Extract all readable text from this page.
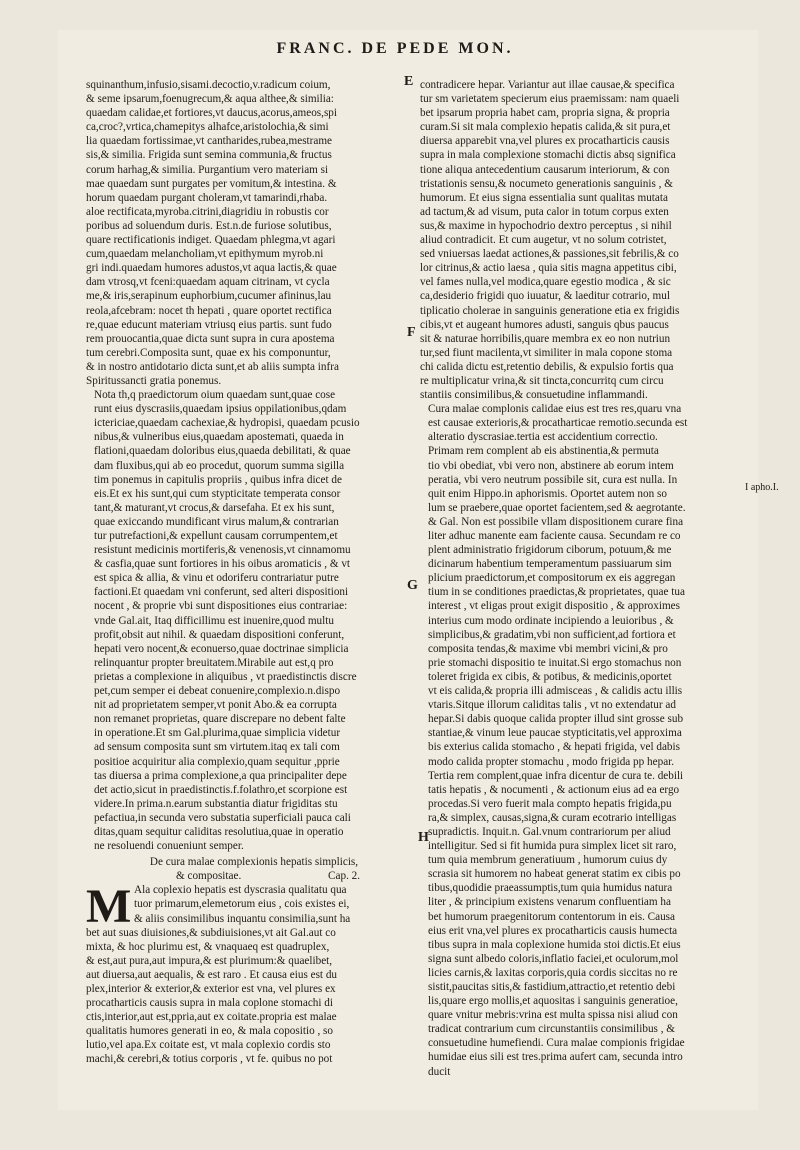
FRANC. DE PEDE MON.
E
F
G
H
I apho.I.

squinanthum,infusio,sisami.decoctio,v.radicum coium,

& seme ipsarum,foenugrecum,& aqua althee,& similia:

quaedam calidae,et fortiores,vt daucus,acorus,ameos,spi

ca,croc?,vrtica,chamepitys alhafce,aristolochia,& simi

lia quaedam fortissimae,vt cantharides,rubea,mestrame

sis,& similia. Frigida sunt semina communia,& fructus

corum harhag,& similia. Purgantium vero materiam si

mae quaedam sunt purgates per vomitum,& intestina. &

horum quaedam purgant choleram,vt tamarindi,rhaba.

aloe rectificata,myroba.citrini,diagridiu in robustis cor

poribus ad soluendum duris. Est.n.de furiose solutibus,

quare rectificationis indiget. Quaedam phlegma,vt agari

cum,quaedam melancholiam,vt epithymum myrob.ni

gri indi.quaedam humores adustos,vt aqua lactis,& quae

dam vtrosq,vt fceni:quaedam aquam citrinam, vt cycla

me,& iris,serapinum euphorbium,cucumer afininus,lau

reola,afcebram: nocet th hepati , quare oportet rectifica

re,quae educunt materiam vtriusq eius partis. sunt fudo

rem prouocantia,quae dicta sunt supra in cura apostema

tum cerebri.Composita sunt, quae ex his componuntur,

& in nostro antidotario dicta sunt,et ab aliis sumpta infra

Spiritussancti gratia ponemus.

Nota th,q praedictorum oium quaedam sunt,quae cose

runt eius dyscrasiis,quaedam ipsius oppilationibus,qdam

ictericiae,quaedam cachexiae,& hydropisi, quaedam pcusio

nibus,& vulneribus eius,quaedam apostemati, quaeda in

flationi,quaedam doloribus eius,quaeda debilitati, & quae

dam fluxibus,qui ab eo procedut, quorum summa sigilla

tim ponemus in capitulis propriis , quibus infra dicet de

eis.Et ex his sunt,qui cum stypticitate temperata consor

tant,& maturant,vt crocus,& darsefaha. Et ex his sunt,

quae exiccando mundificant virus malum,& contrarian

tur putrefactioni,& expellunt causam corrumpentem,et

resistunt medicinis mortiferis,& venenosis,vt cinnamomu

& casfia,quae sunt fortiores in his oibus aromaticis , & vt

est spica & allia, & vinu et odoriferu contrariatur putre

factioni.Et quaedam vni conferunt, sed alteri dispositioni

nocent , & proprie vbi sunt dispositiones eius contrariae:

vnde Gal.ait, Itaq difficillimu est inuenire,quod multu

profit,obsit aut nihil. & quaedam dispositioni conferunt,

hepati vero nocent,& econuerso,quae doctrinae simplicia

relinquantur propter breuitatem.Mirabile aut est,q pro

prietas a complexione in aliquibus , vt praedistinctis discre

pet,cum semper ei debeat conuenire,complexio.n.dispo

nit ad proprietatem semper,vt ponit Abo.& ea corrupta

non remanet proprietas, quare discrepare no debent falte

in operatione.Et sm Gal.plurima,quae simplicia videtur

ad sensum composita sunt sm virtutem.itaq ex tali com

positioe acquiritur alia complexio,quam sequitur ,pprie

tas diuersa a prima complexione,a qua principaliter depe

det actio,sicut in praedistinctis.f.folathro,et scorpione est

videre.In prima.n.earum substantia diatur frigiditas stu

pefactiua,in secunda vero substatia superficiali pauca cali

ditas,quam sequitur caliditas resolutiua,quae in operatio

ne resoluendi conueniunt semper.

De cura malae complexionis hepatis simplicis,

& compositae.	Cap. 2.

M Ala coplexio hepatis est dyscrasia qualitatu qua

tuor primarum,elemetorum eius , cois existes ei,

& aliis consimilibus inquantu consimilia,sunt ha

bet aut suas diuisiones,& subdiuisiones,vt ait Gal.aut co

mixta, & hoc plurimu est, & vnaquaeq est quadruplex,

& est,aut pura,aut impura,& est plurimum:& quaelibet,

aut diuersa,aut aequalis, & est raro . Et causa eius est du

plex,interior & exterior,& exterior est vna, vel plures ex

procatharticis causis supra in mala coplone stomachi di

ctis,interior,aut est,ppria,aut ex coitate.propria est malae

qualitatis humores generati in eo, & mala copositio , so

lutio,vel apa.Ex coitate est, vt mala coplexio cordis sto

machi,& cerebri,& totius corporis , vt fe. quibus no pot

contradicere hepar. Variantur aut illae causae,& specifica

tur sm varietatem specierum eius praemissam: nam quaeli

bet ipsarum propria habet cam, propria signa, & propria

curam.Si sit mala complexio hepatis calida,& sit pura,et

diuersa apparebit vna,vel plures ex procatharticis causis

supra in mala complexione stomachi dictis absq significa

tione aliqua antecedentium causarum interiorum, & con

tristationis sensu,& nocumeto generationis sanguinis , &

humorum. Et eius signa essentialia sunt qualitas mutata

ad tactum,& ad visum, puta calor in totum corpus exten

sus,& maxime in hypochodrio dextro perceptus , si nihil

aliud contradicit. Et cum augetur, vt no solum cotristet,

sed vniuersas laedat actiones,& passiones,sit febrilis,& co

lor citrinus,& actio laesa , quia sitis magna appetitus cibi,

vel fames nulla,vel modica,quare egestio modica , & sic

ca,desiderio frigidi quo iuuatur, & laeditur cotrario, mul

tiplicatio cholerae in sanguinis generatione etia ex frigidis

cibis,vt et augeant humores adusti, sanguis qbus paucus

sit & naturae horribilis,quare membra ex eo non nutriun

tur,sed fiunt macilenta,vt similiter in mala copone stoma

chi calida dictu est,retentio debilis, & expulsio fortis qua

re multiplicatur vrina,& sit tincta,concurritq cum circu

stantiis consimilibus,& consuetudine inflammandi.

Cura malae complonis calidae eius est tres res,quaru vna

est causae exterioris,& procatharticae remotio.secunda est

alteratio dyscrasiae.tertia est accidentium correctio.

Primam rem complent ab eis abstinentia,& permuta

tio vbi obediat, vbi vero non, abstinere ab eorum intem

peratia, vbi vero neutrum possibile sit, cura est nulla. In

quit enim Hippo.in aphorismis. Oportet autem non so

lum se praebere,quae oportet facientem,sed & aegrotante.

& Gal. Non est possibile vllam dispositionem curare fina

liter adhuc manente eam faciente causa. Secundam re co

plent administratio frigidorum ciborum, potuum,& me

dicinarum habentium temperamentum passiuarum sim

plicium praedictorum,et compositorum ex eis aggregan

tium in se conditiones praedictas,& proprietates, quae tua

interest , vt eligas prout exigit dispositio , & approximes

interius cum modo ordinate incipiendo a leuioribus , &

simplicibus,& gradatim,vbi non sufficient,ad fortiora et

composita tendas,& maxime vbi membri vicini,& pro

prie stomachi dispositio te inuitat.Si ergo stomachus non

toleret frigida ex cibis, & potibus, & medicinis,oportet

vt eis calida,& propria illi admisceas , & calidis actu illis

vtaris.Sitque illorum caliditas talis , vt no extendatur ad

hepar.Si dabis quoque calida propter illud sint grosse sub

stantiae,& vinum leue paucae stypticitatis,vel approxima

bis exterius calida stomacho , & hepati frigida, vel dabis

modo calida propter stomachu , modo frigida pp hepar.

Tertia rem complent,quae infra dicentur de cura te. debili

tatis hepatis , & nocumenti , & actionum eius ad ea ergo

procedas.Si vero fuerit mala compto hepatis frigida,pu

ra,& simplex, causas,signa,& curam ecotrario intelligas

supradictis. Inquit.n. Gal.vnum contrariorum per aliud

intelligitur. Sed si fit humida pura simplex licet sit raro,

tum quia membrum generatiuum , humorum cuius dy

scrasia sit humorem no habeat generat statim ex cibis po

tibus,quodidie praeassumptis,tum quia humidus natura

liter , & principium existens venarum confluentiam ha

bet humorum praegenitorum contentorum in eis. Causa

eius erit vna,vel plures ex procatharticis causis humecta

tibus supra in mala coplexione humida stoi dictis.Et eius

signa sunt albedo coloris,inflatio faciei,et oculorum,mol

licies carnis,& laxitas corporis,quia cordis siccitas no re

sistit,paucitas sitis,& fastidium,attractio,et retentio debi

lis,quare ergo mollis,et aquositas i sanguinis generatioe,

quare vnitur mebris:vrina est multa spissa nisi aliud con

tradicat contrarium cum circunstantiis consimilibus , &

consuetudine humefiendi. Cura malae compionis frigidae

humidae eius sili est tres.prima aufert cam, secunda intro

ducit
